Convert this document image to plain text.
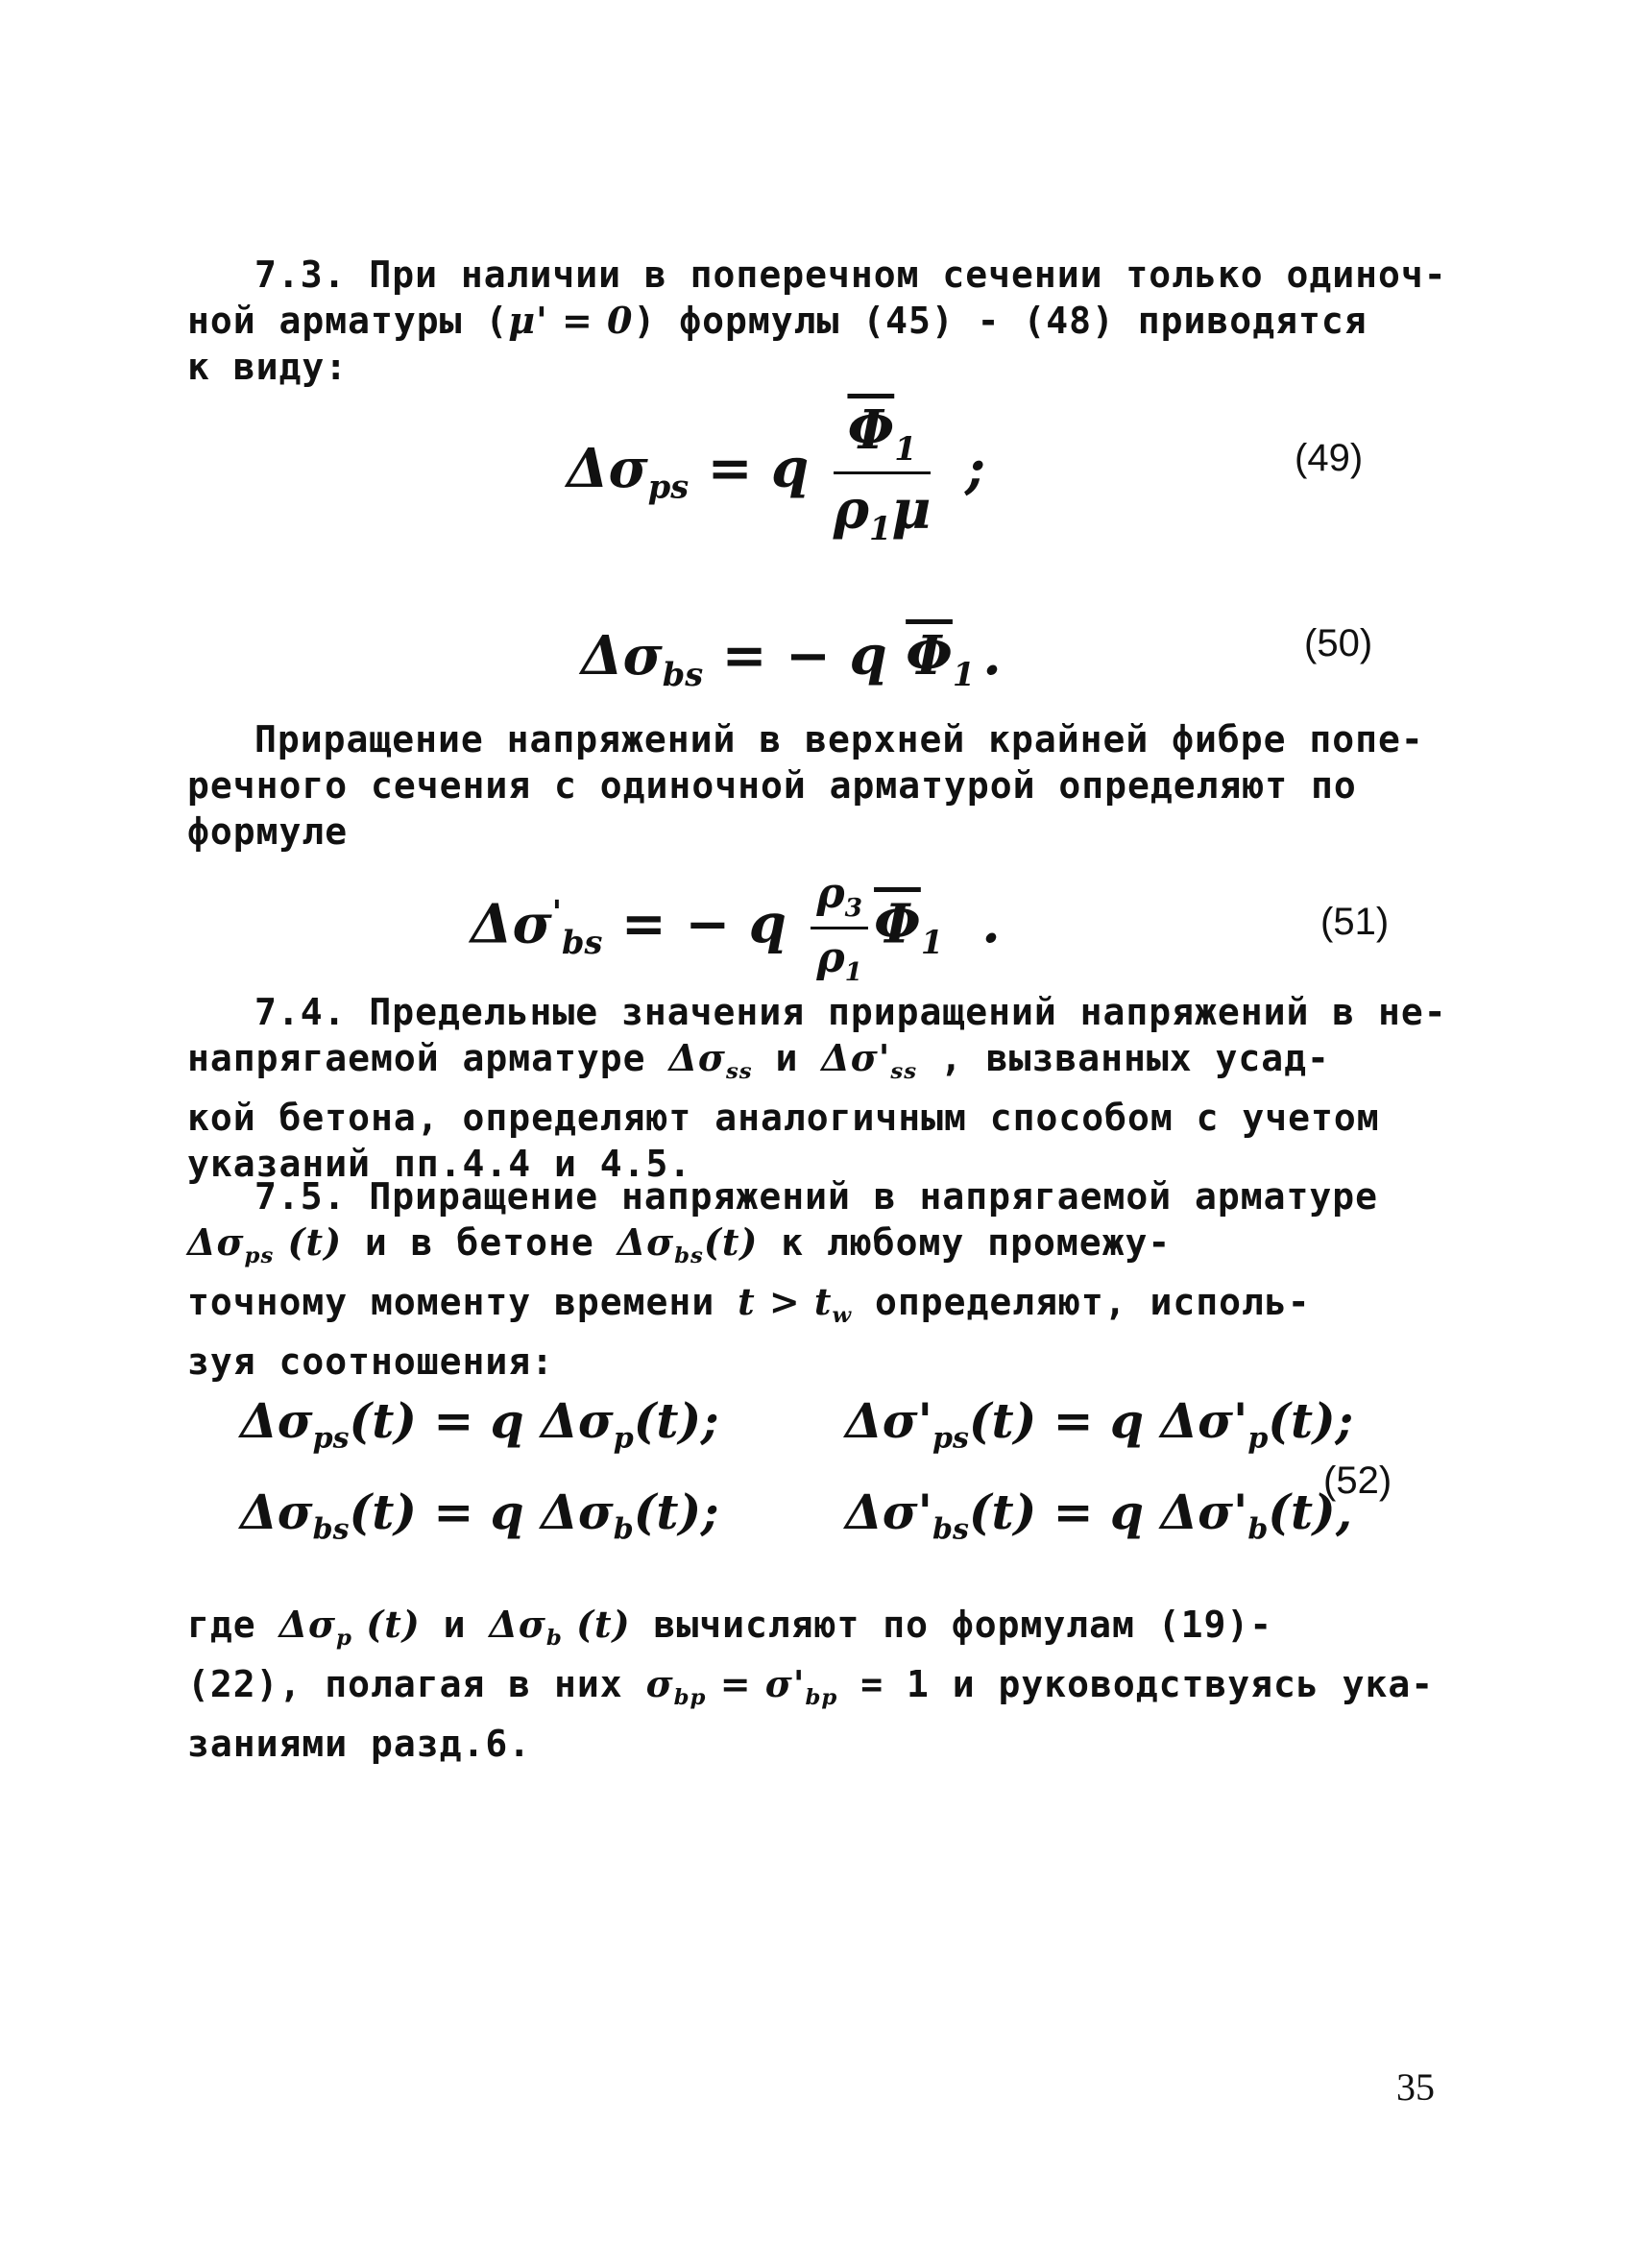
7.3. При наличии в поперечном сечении только одиноч-
ной арматуры (μ' = 0) формулы (45) - (48) приводятся
к виду:
$\Delta\sigma_{ps} = q \frac{\overline{\Phi}_1}{\rho_1\mu}$ ;	(49)
$\Delta\sigma_{bs}$ = − q $\overline{\Phi}_1$ .	(50)
Приращение напряжений в верхней крайней фибре попе-
речного сечения с одиночной арматурой определяют по
формуле
$\Delta\sigma'_{bs}$ = − q $\frac{\rho_3}{\rho_1} \overline{\Phi}_1$ .	(51)
7.4. Предельные значения приращений напряжений в не-
напрягаемой арматуре $\Delta\sigma_{ss}$ и $\Delta\sigma'_{ss}$ , вызванных усад-
кой бетона, определяют аналогичным способом с учетом
указаний пп.4.4 и 4.5.
7.5. Приращение напряжений в напрягаемой арматуре
$\Delta\sigma_{ps}$ (t) и в бетоне $\Delta\sigma_{bs}(t)$ к любому промежу-
точному моменту времени $t > t_w$ определяют, исполь-
зуя соотношения:
$\Delta\sigma_{ps}(t) = q$ $\Delta\sigma_p(t)$;	$\Delta\sigma'_{ps}(t) = q$ $\Delta\sigma'_p(t)$;
$\Delta\sigma_{bs}(t) = q$ $\Delta\sigma_b(t)$;	$\Delta\sigma'_{bs}(t) = q$ $\Delta\sigma'_b(t)$,
(52)
где $\Delta\sigma_p$ (t) и $\Delta\sigma_b$ (t) вычисляют по формулам (19)-
(22), полагая в них $\sigma_{bp} = \sigma'_{bp} = 1$ и руководствуясь ука-
заниями разд.6.
35
